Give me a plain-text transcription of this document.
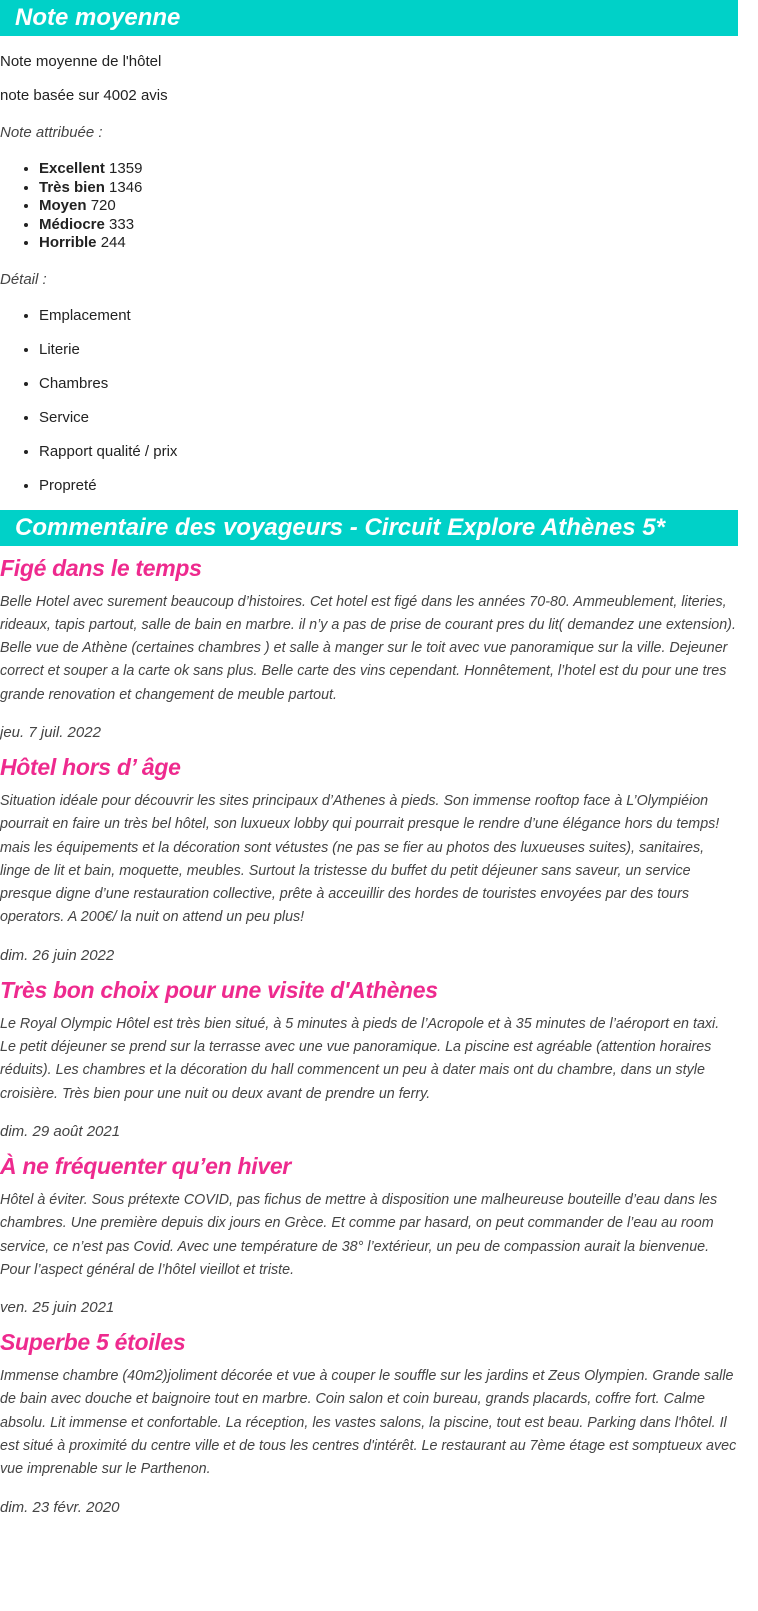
Note moyenne

Note moyenne de l'hôtel

note basée sur 4002 avis

Note attribuée :

• Excellent 1359
• Très bien 1346
• Moyen 720
• Médiocre 333
• Horrible 244

Détail :

• Emplacement
• Literie
• Chambres
• Service
• Rapport qualité / prix
• Propreté
Commentaire des voyageurs - Circuit Explore Athènes 5*
Figé dans le temps

Belle Hotel avec surement beaucoup d’histoires. Cet hotel est figé dans les années 70-80. Ammeublement, literies, rideaux, tapis partout, salle de bain en marbre. il n’y a pas de prise de courant pres du lit( demandez une extension). Belle vue de Athène (certaines chambres ) et salle à manger sur le toit avec vue panoramique sur la ville. Dejeuner correct et souper a la carte ok sans plus. Belle carte des vins cependant. Honnêtement, l’hotel est du pour une tres grande renovation et changement de meuble partout.

jeu. 7 juil. 2022

Hôtel hors d’ âge

Situation idéale pour découvrir les sites principaux d’Athenes à pieds. Son immense rooftop face à L’Olympiéion pourrait en faire un très bel hôtel, son luxueux lobby qui pourrait presque le rendre d’une élégance hors du temps! mais les équipements et la décoration sont vétustes (ne pas se fier au photos des luxueuses suites), sanitaires, linge de lit et bain, moquette, meubles. Surtout la tristesse du buffet du petit déjeuner sans saveur, un service presque digne d’une restauration collective, prête à acceuillir des hordes de touristes envoyées par des tours operators. A 200€/ la nuit on attend un peu plus!

dim. 26 juin 2022

Très bon choix pour une visite d'Athènes

Le Royal Olympic Hôtel est très bien situé, à 5 minutes à pieds de l’Acropole et à 35 minutes de l’aéroport en taxi. Le petit déjeuner se prend sur la terrasse avec une vue panoramique. La piscine est agréable (attention horaires réduits). Les chambres et la décoration du hall commencent un peu à dater mais ont du chambre, dans un style croisière. Très bien pour une nuit ou deux avant de prendre un ferry.

dim. 29 août 2021

À ne fréquenter qu’en hiver

Hôtel à éviter. Sous prétexte COVID, pas fichus de mettre à disposition une malheureuse bouteille d’eau dans les chambres. Une première depuis dix jours en Grèce. Et comme par hasard, on peut commander de l’eau au room service, ce n’est pas Covid. Avec une température de 38° l’extérieur, un peu de compassion aurait la bienvenue. Pour l’aspect général de l’hôtel vieillot et triste.

ven. 25 juin 2021

Superbe 5 étoiles

Immense chambre (40m2)joliment décorée et vue à couper le souffle sur les jardins et Zeus Olympien. Grande salle de bain avec douche et baignoire tout en marbre. Coin salon et coin bureau, grands placards, coffre fort. Calme absolu. Lit immense et confortable. La réception, les vastes salons, la piscine, tout est beau. Parking dans l'hôtel. Il est situé à proximité du centre ville et de tous les centres d'intérêt. Le restaurant au 7ème étage est somptueux avec vue imprenable sur le Parthenon.

dim. 23 févr. 2020
